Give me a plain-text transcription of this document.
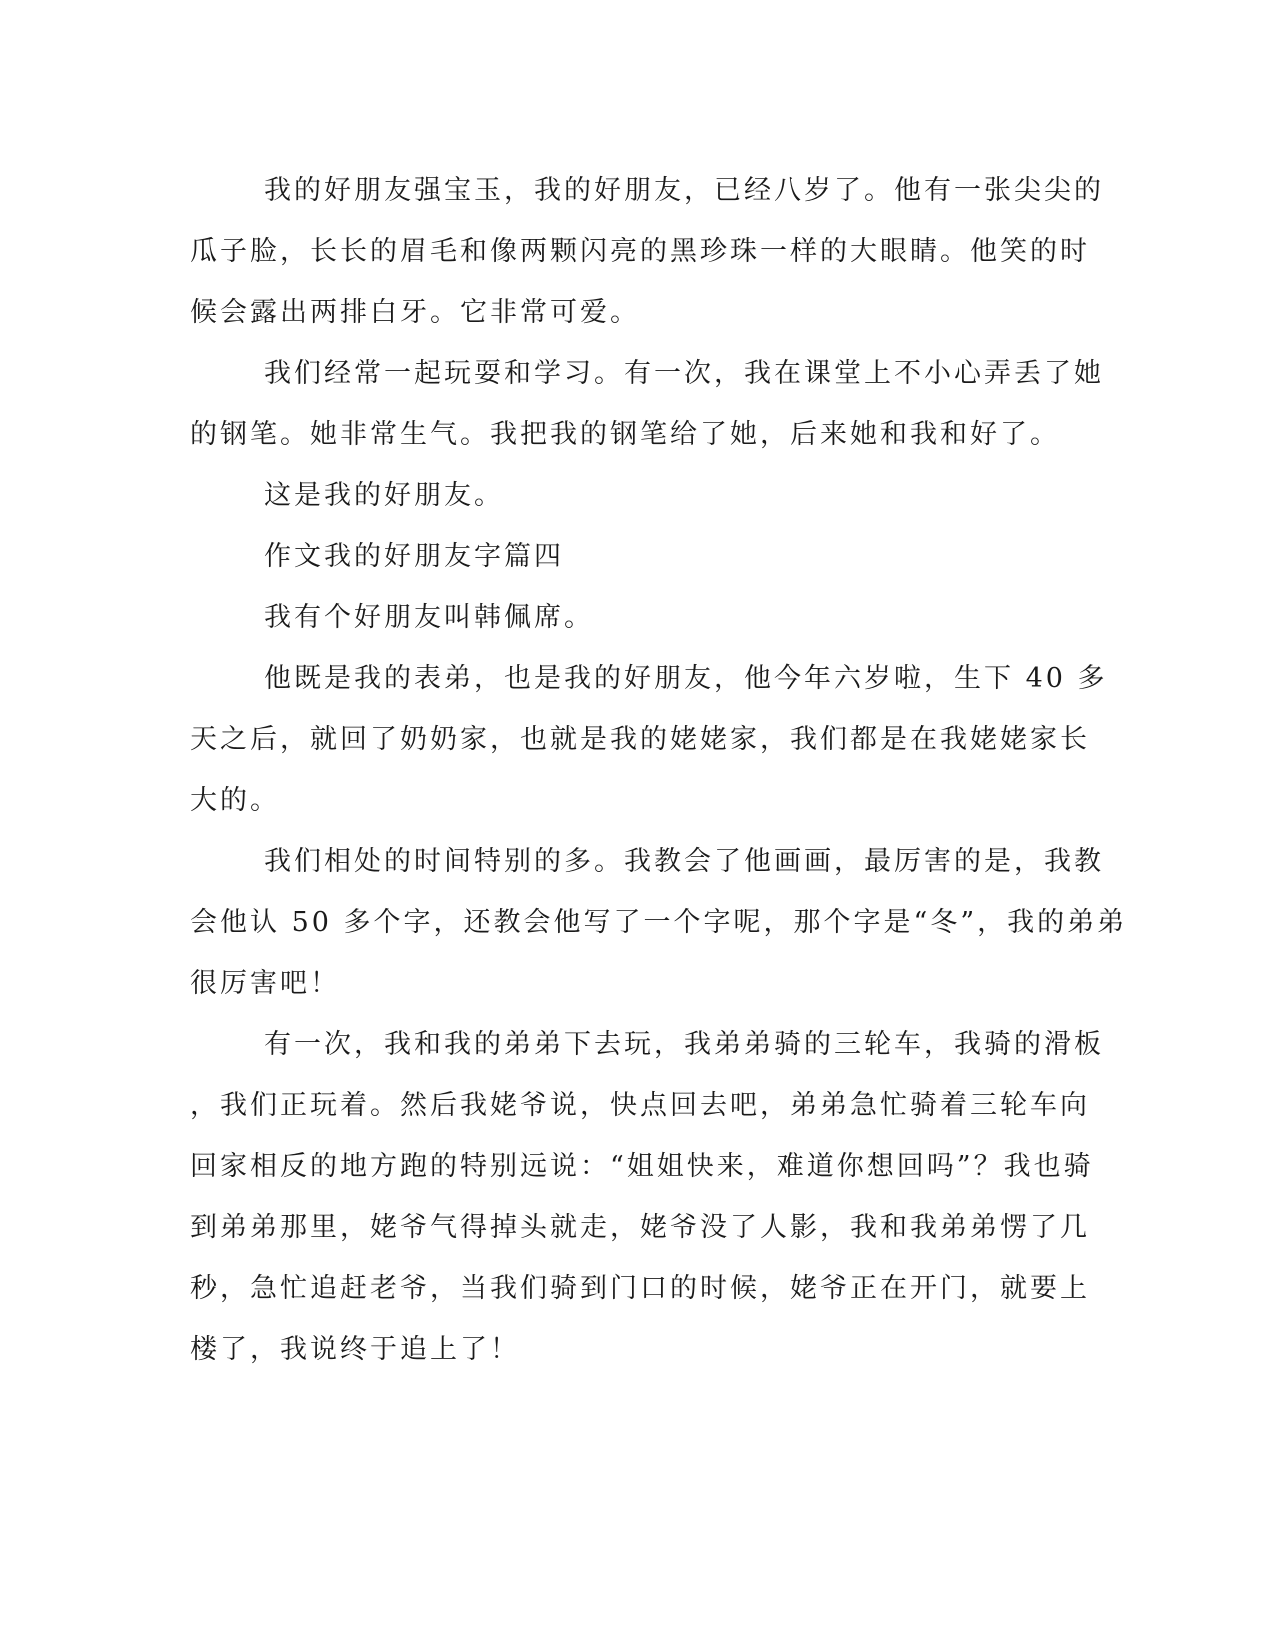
我的好朋友强宝玉，我的好朋友，已经八岁了。他有一张尖尖的
瓜子脸，长长的眉毛和像两颗闪亮的黑珍珠一样的大眼睛。他笑的时
候会露出两排白牙。它非常可爱。
我们经常一起玩耍和学习。有一次，我在课堂上不小心弄丢了她
的钢笔。她非常生气。我把我的钢笔给了她，后来她和我和好了。
这是我的好朋友。
作文我的好朋友字篇四
我有个好朋友叫韩佩席。
他既是我的表弟，也是我的好朋友，他今年六岁啦，生下 40 多
天之后，就回了奶奶家，也就是我的姥姥家，我们都是在我姥姥家长
大的。
我们相处的时间特别的多。我教会了他画画，最厉害的是，我教
会他认 50 多个字，还教会他写了一个字呢，那个字是“冬”，我的弟弟
很厉害吧！
有一次，我和我的弟弟下去玩，我弟弟骑的三轮车，我骑的滑板
，我们正玩着。然后我姥爷说，快点回去吧，弟弟急忙骑着三轮车向
回家相反的地方跑的特别远说：“姐姐快来，难道你想回吗”？我也骑
到弟弟那里，姥爷气得掉头就走，姥爷没了人影，我和我弟弟愣了几
秒，急忙追赶老爷，当我们骑到门口的时候，姥爷正在开门，就要上
楼了，我说终于追上了！
